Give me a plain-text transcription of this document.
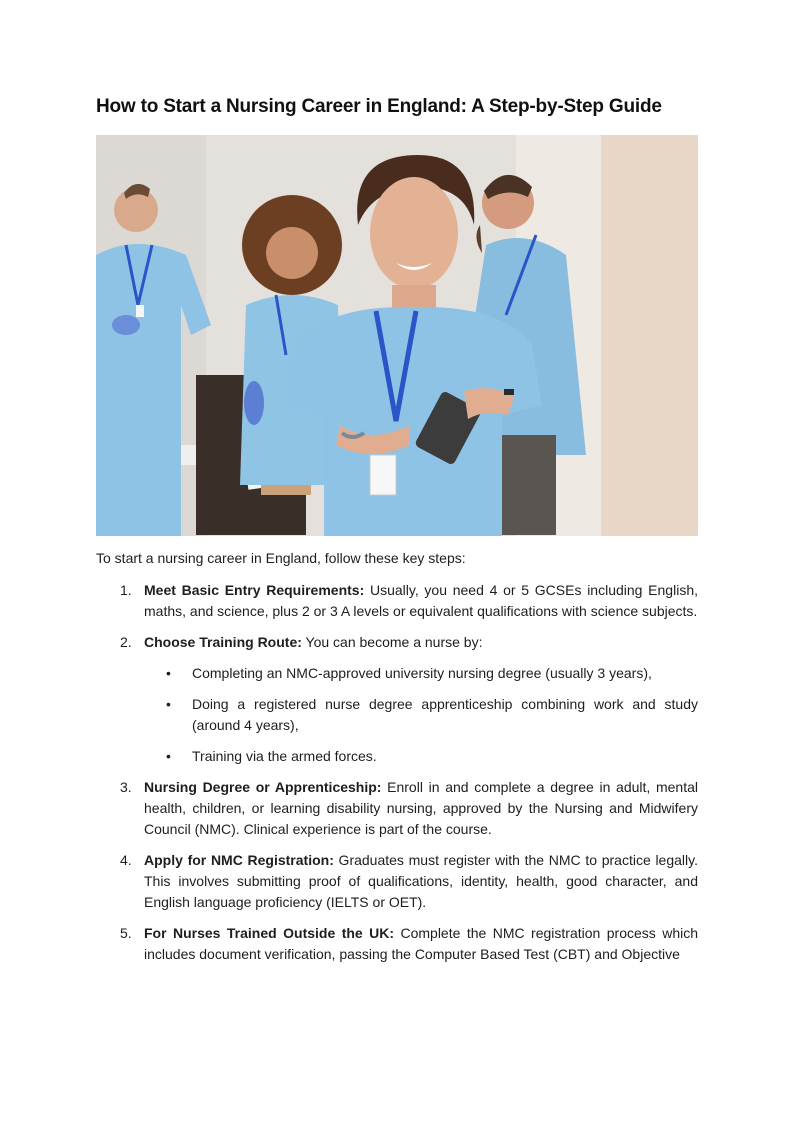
How to Start a Nursing Career in England: A Step-by-Step Guide

To start a nursing career in England, follow these key steps:

1. Meet Basic Entry Requirements: Usually, you need 4 or 5 GCSEs including English, maths, and science, plus 2 or 3 A levels or equivalent qualifications with science subjects.
2. Choose Training Route: You can become a nurse by:
• Completing an NMC-approved university nursing degree (usually 3 years),
• Doing a registered nurse degree apprenticeship combining work and study (around 4 years),
• Training via the armed forces.
3. Nursing Degree or Apprenticeship: Enroll in and complete a degree in adult, mental health, children, or learning disability nursing, approved by the Nursing and Midwifery Council (NMC). Clinical experience is part of the course.
4. Apply for NMC Registration: Graduates must register with the NMC to practice legally. This involves submitting proof of qualifications, identity, health, good character, and English language proficiency (IELTS or OET).
5. For Nurses Trained Outside the UK: Complete the NMC registration process which includes document verification, passing the Computer Based Test (CBT) and Objective
